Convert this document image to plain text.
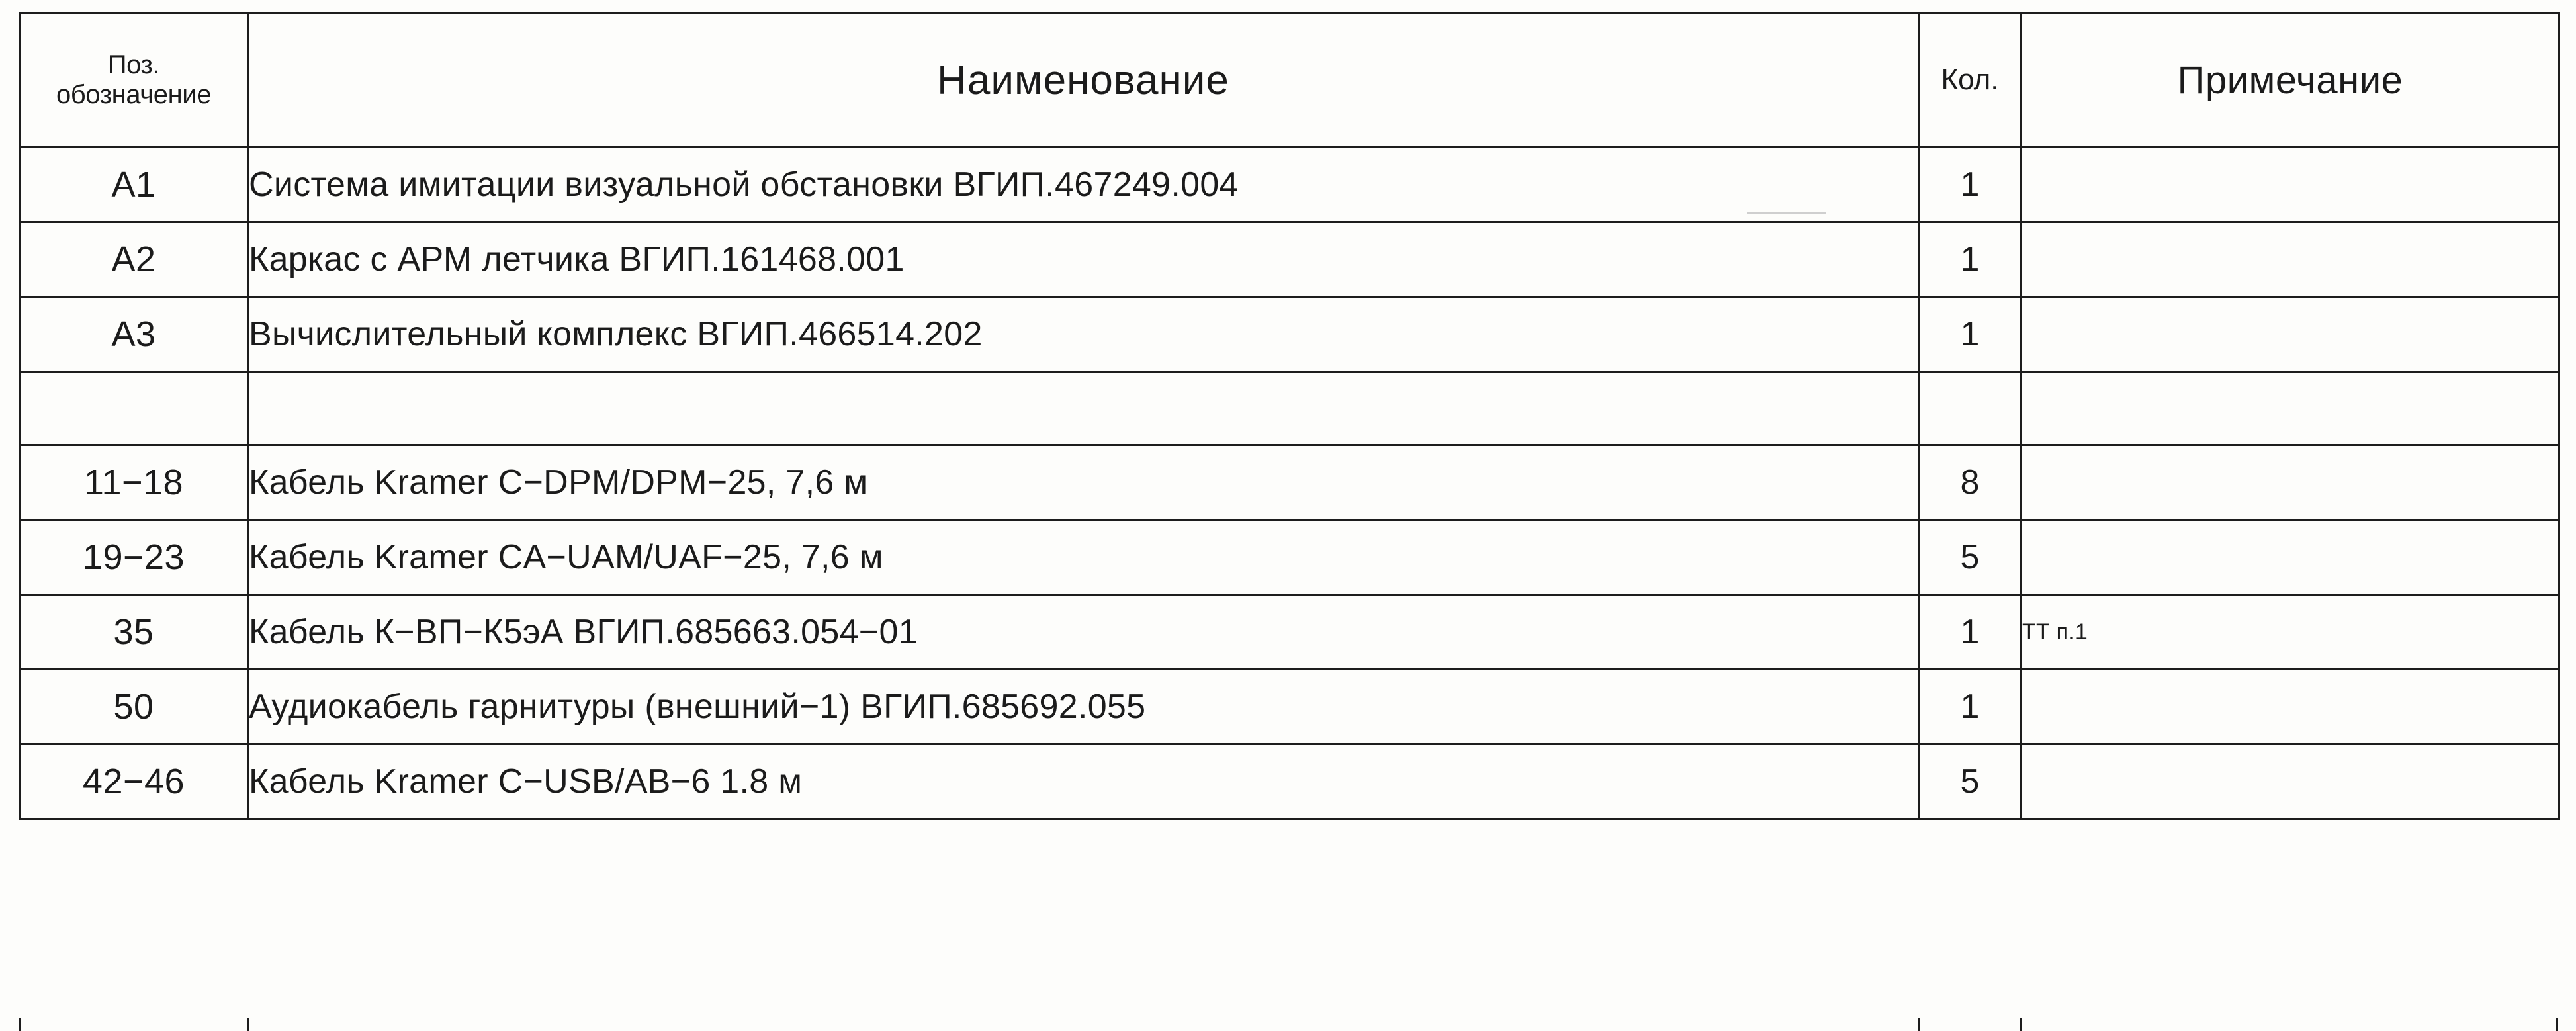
Поз.
обозначение	Наименование	Кол.	Примечание
A1	Система имитации визуальной обстановки ВГИП.467249.004	1	
A2	Каркас с АРМ летчика ВГИП.161468.001	1	
A3	Вычислительный комплекс ВГИП.466514.202	1	

11−18	Кабель Kramer C−DPM/DPM−25, 7,6 м	8	
19−23	Кабель Kramer CA−UAM/UAF−25, 7,6 м	5	
35	Кабель К−ВП−К5эА ВГИП.685663.054−01	1	ТТ п.1
50	Аудиокабель гарнитуры (внешний−1) ВГИП.685692.055	1	
42−46	Кабель Kramer C−USB/AB−6 1.8 м	5	
